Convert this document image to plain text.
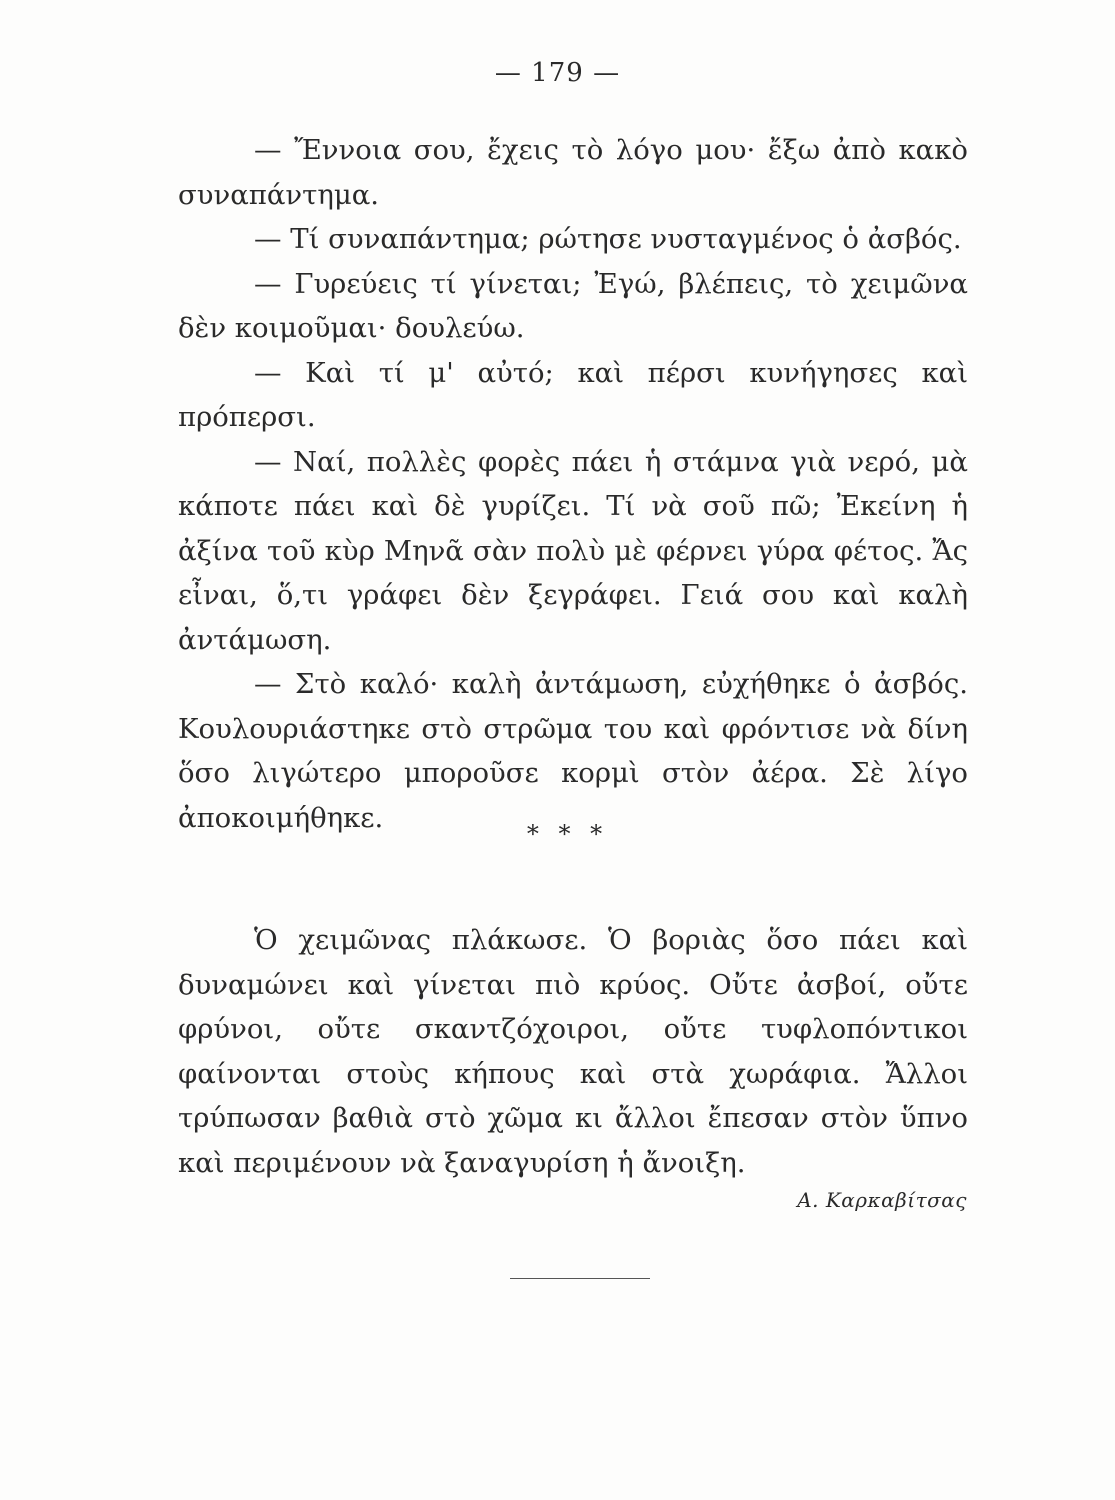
— 179 —

— Ἔννοια σου, ἔχεις τὸ λόγο μου· ἔξω ἀπὸ κακὸ συναπάντημα.

— Τί συναπάντημα; ρώτησε νυσταγμένος ὁ ἀσβός.

— Γυρεύεις τί γίνεται; Ἐγώ, βλέπεις, τὸ χειμῶνα δὲν κοιμοῦμαι· δουλεύω.

— Καὶ τί μ' αὐτό; καὶ πέρσι κυνήγησες καὶ πρόπερσι.

— Ναί, πολλὲς φορὲς πάει ἡ στάμνα γιὰ νερό, μὰ κάποτε πάει καὶ δὲ γυρίζει. Τί νὰ σοῦ πῶ; Ἐκείνη ἡ ἀξίνα τοῦ κὺρ Μηνᾶ σὰν πολὺ μὲ φέρνει γύρα φέτος. Ἄς εἶναι, ὅ,τι γράφει δὲν ξεγράφει. Γειά σου καὶ καλὴ ἀντάμωση.

— Στὸ καλό· καλὴ ἀντάμωση, εὐχήθηκε ὁ ἀσβός. Κουλουριάστηκε στὸ στρῶμα του καὶ φρόντισε νὰ δίνη ὅσο λιγώτερο μποροῦσε κορμὶ στὸν ἀέρα. Σὲ λίγο ἀποκοιμήθηκε.

* * *

Ὁ χειμῶνας πλάκωσε. Ὁ βοριὰς ὅσο πάει καὶ δυναμώνει καὶ γίνεται πιὸ κρύος. Οὔτε ἀσβοί, οὔτε φρύνοι, οὔτε σκαντζόχοιροι, οὔτε τυφλοπόντικοι φαίνονται στοὺς κήπους καὶ στὰ χωράφια. Ἄλλοι τρύπωσαν βαθιὰ στὸ χῶμα κι ἄλλοι ἔπεσαν στὸν ὕπνο καὶ περιμένουν νὰ ξαναγυρίση ἡ ἄνοιξη.

Α. Καρκαβίτσας
